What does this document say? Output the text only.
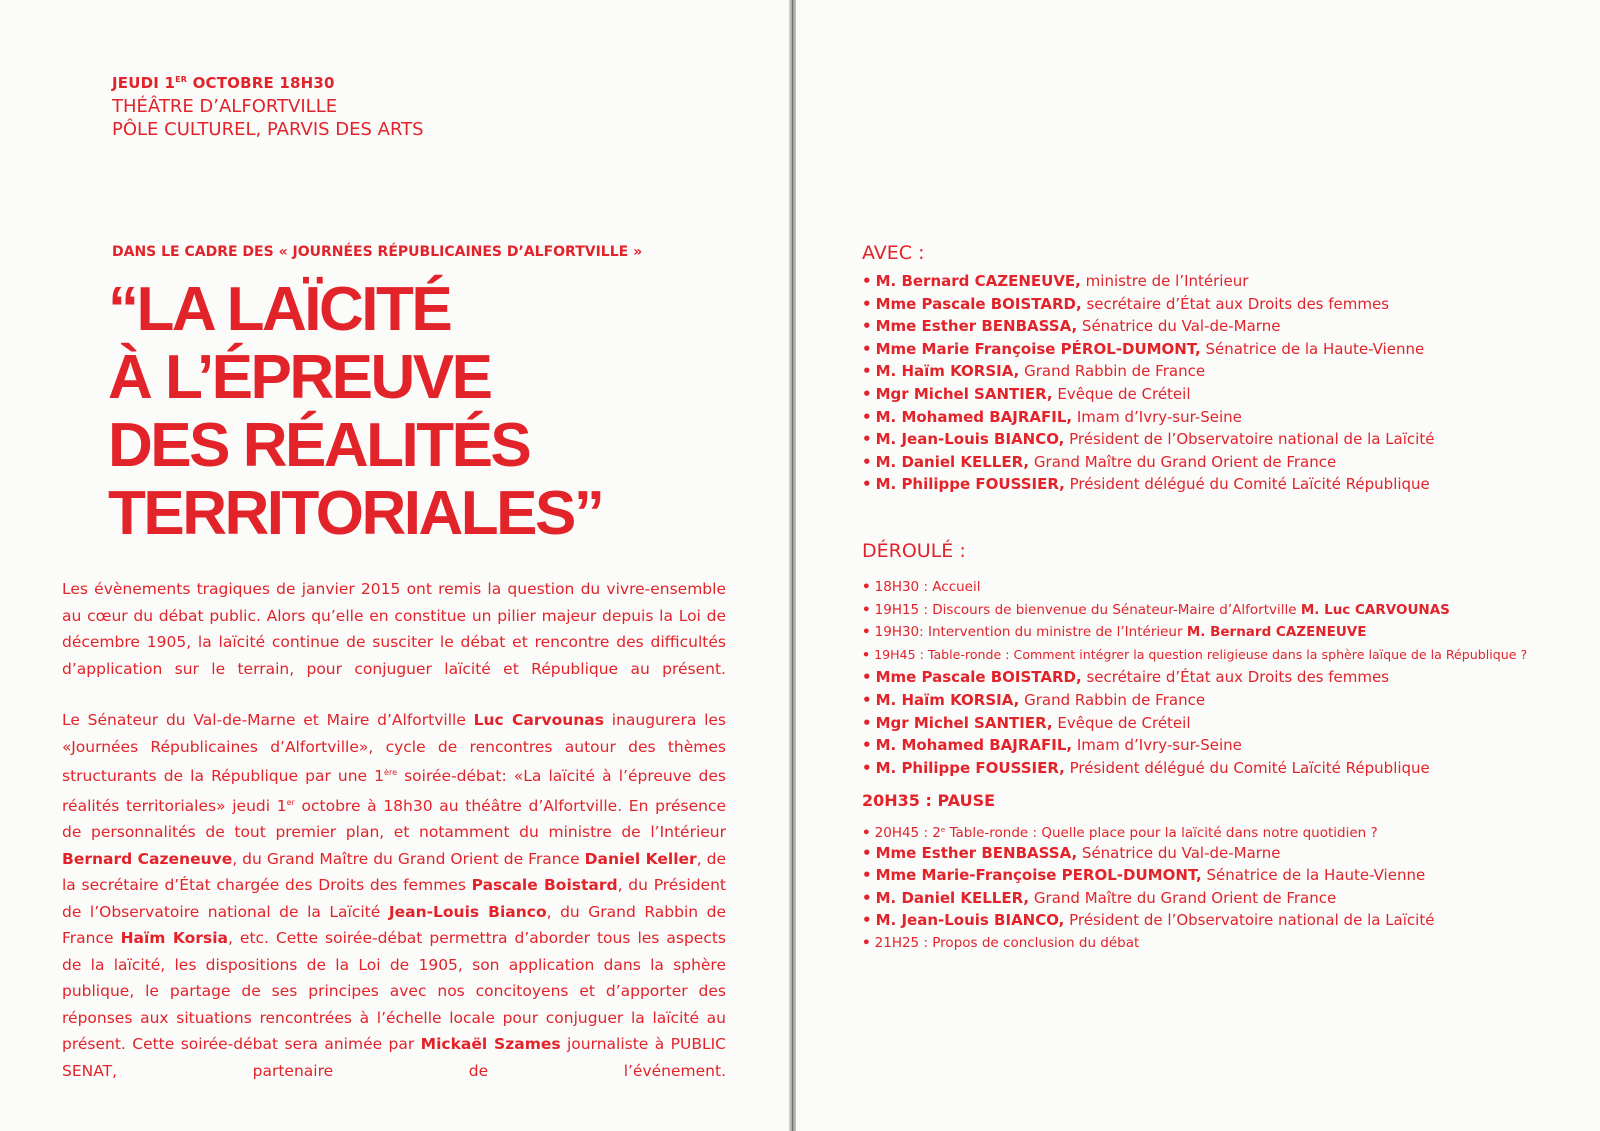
JEUDI 1ER OCTOBRE 18H30
THÉÂTRE D’ALFORTVILLE
PÔLE CULTUREL, PARVIS DES ARTS
DANS LE CADRE DES « JOURNÉES RÉPUBLICAINES D’ALFORTVILLE »
“LA LAÏCITÉ
À L’ÉPREUVE
DES RÉALITÉS
TERRITORIALES”

Les évènements tragiques de janvier 2015 ont remis la question du vivre-ensemble au cœur du débat public. Alors qu’elle en constitue un pilier majeur depuis la Loi de décembre 1905, la laïcité continue de susciter le débat et rencontre des difficultés d’application sur le terrain, pour conjuguer laïcité et République au présent.

Le Sénateur du Val-de-Marne et Maire d’Alfortville Luc Carvounas inaugurera les «Journées Républicaines d’Alfortville», cycle de rencontres autour des thèmes structurants de la République par une 1ère soirée-débat: «La laïcité à l’épreuve des réalités territoriales» jeudi 1er octobre à 18h30 au théâtre d’Alfortville. En présence de personnalités de tout premier plan, et notamment du ministre de l’Intérieur Bernard Cazeneuve, du Grand Maître du Grand Orient de France Daniel Keller, de la secrétaire d’État chargée des Droits des femmes Pascale Boistard, du Président de l’Observatoire national de la Laïcité Jean-Louis Bianco, du Grand Rabbin de France Haïm Korsia, etc. Cette soirée-débat permettra d’aborder tous les aspects de la laïcité, les dispositions de la Loi de 1905, son application dans la sphère publique, le partage de ses principes avec nos concitoyens et d’apporter des réponses aux situations rencontrées à l’échelle locale pour conjuguer la laïcité au présent. Cette soirée-débat sera animée par Mickaël Szames journaliste à PUBLIC SENAT, partenaire de l’événement.

AVEC :
• M. Bernard CAZENEUVE, ministre de l’Intérieur
• Mme Pascale BOISTARD, secrétaire d’État aux Droits des femmes
• Mme Esther BENBASSA, Sénatrice du Val-de-Marne
• Mme Marie Françoise PÉROL-DUMONT, Sénatrice de la Haute-Vienne
• M. Haïm KORSIA, Grand Rabbin de France
• Mgr Michel SANTIER, Evêque de Créteil
• M. Mohamed BAJRAFIL, Imam d’Ivry-sur-Seine
• M. Jean-Louis BIANCO, Président de l’Observatoire national de la Laïcité
• M. Daniel KELLER, Grand Maître du Grand Orient de France
• M. Philippe FOUSSIER, Président délégué du Comité Laïcité République
DÉROULÉ :
• 18H30 : Accueil
• 19H15 : Discours de bienvenue du Sénateur-Maire d’Alfortville M. Luc CARVOUNAS
• 19H30: Intervention du ministre de l’Intérieur M. Bernard CAZENEUVE
• 19H45 : Table-ronde : Comment intégrer la question religieuse dans la sphère laïque de la République ?
• Mme Pascale BOISTARD, secrétaire d’État aux Droits des femmes
• M. Haïm KORSIA, Grand Rabbin de France
• Mgr Michel SANTIER, Evêque de Créteil
• M. Mohamed BAJRAFIL, Imam d’Ivry-sur-Seine
• M. Philippe FOUSSIER, Président délégué du Comité Laïcité République
20H35 : PAUSE
• 20H45 : 2e Table-ronde : Quelle place pour la laïcité dans notre quotidien ?
• Mme Esther BENBASSA, Sénatrice du Val-de-Marne
• Mme Marie-Françoise PEROL-DUMONT, Sénatrice de la Haute-Vienne
• M. Daniel KELLER, Grand Maître du Grand Orient de France
• M. Jean-Louis BIANCO, Président de l’Observatoire national de la Laïcité
• 21H25 : Propos de conclusion du débat
